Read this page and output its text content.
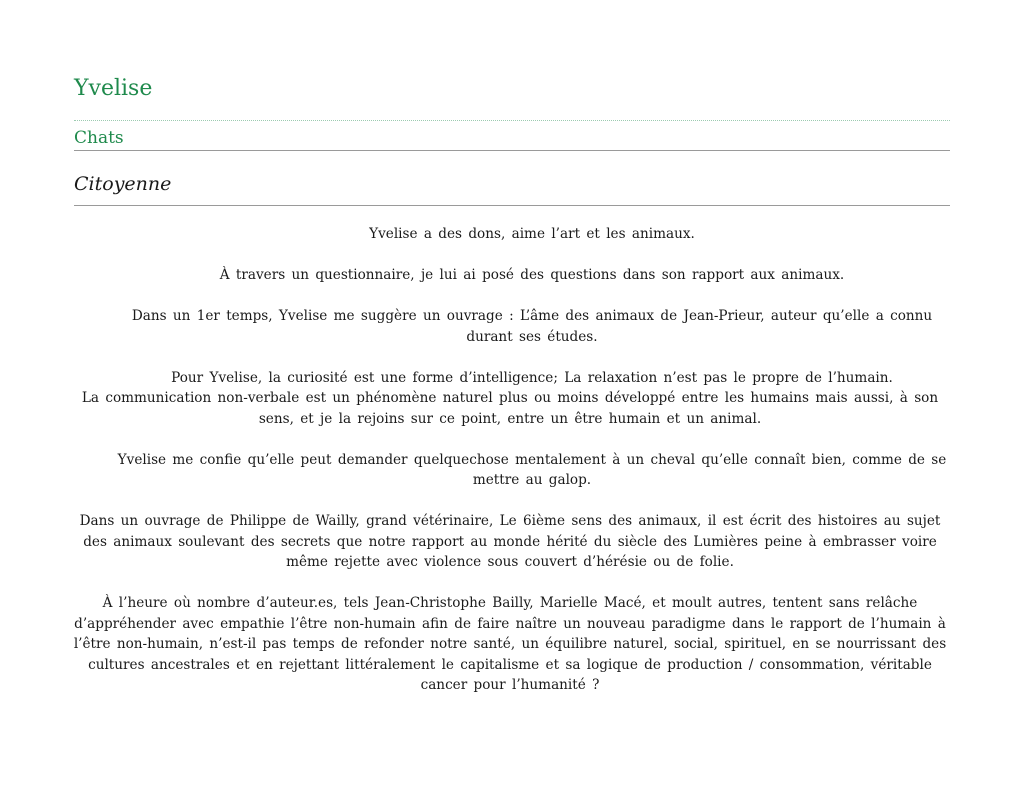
Yvelise
Chats
Citoyenne

Yvelise a des dons, aime l’art et les animaux.

À travers un questionnaire, je lui ai posé des questions dans son rapport aux animaux.

Dans un 1er temps, Yvelise me suggère un ouvrage : L’âme des animaux de Jean-Prieur, auteur qu’elle a connu durant ses études.

Pour Yvelise, la curiosité est une forme d’intelligence; La relaxation n’est pas le propre de l’humain.

La communication non-verbale est un phénomène naturel plus ou moins développé entre les humains mais aussi, à son sens, et je la rejoins sur ce point, entre un être humain et un animal.

Yvelise me confie qu’elle peut demander quelquechose mentalement à un cheval qu’elle connaît bien, comme de se mettre au galop.

Dans un ouvrage de Philippe de Wailly, grand vétérinaire, Le 6ième sens des animaux, il est écrit des histoires au sujet des animaux soulevant des secrets que notre rapport au monde hérité du siècle des Lumières peine à embrasser voire même rejette avec violence sous couvert d’hérésie ou de folie.

À l’heure où nombre d’auteur.es, tels Jean-Christophe Bailly, Marielle Macé, et moult autres, tentent sans relâche d’appréhender avec empathie l’être non-humain afin de faire naître un nouveau paradigme dans le rapport de l’humain à l’être non-humain, n’est-il pas temps de refonder notre santé, un équilibre naturel, social, spirituel, en se nourrissant des cultures ancestrales et en rejettant littéralement le capitalisme et sa logique de production / consommation, véritable cancer pour l’humanité ?
